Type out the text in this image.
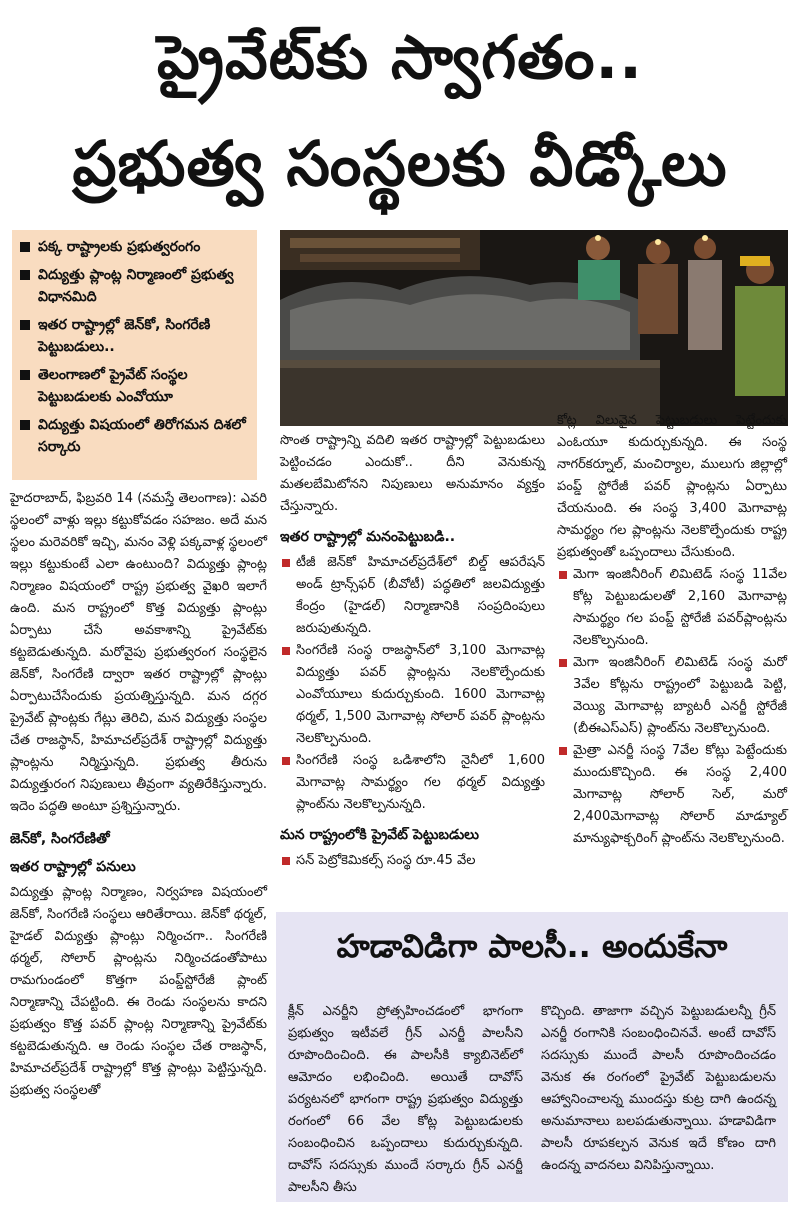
ప్రైవేట్‌కు స్వాగతం..
ప్రభుత్వ సంస్థలకు వీడ్కోలు
పక్క రాష్ట్రాలకు ప్రభుత్వరంగం
విద్యుత్తు ప్లాంట్ల నిర్మాణంలో ప్రభుత్వ విధానమిది
ఇతర రాష్ట్రాల్లో జెన్‌కో, సింగరేణి పెట్టుబడులు..
తెలంగాణలో ప్రైవేట్ సంస్థల పెట్టుబడులకు ఎంవోయూ
విద్యుత్తు విషయంలో తిరోగమన దిశలో సర్కారు

హైదరాబాద్, ఫిబ్రవరి 14 (నమస్తే తెలంగాణ): ఎవరి స్థలంలో వాళ్లు ఇల్లు కట్టుకోవడం సహజం. అదే మన స్థలం మరెవరికో ఇచ్చి, మనం వెళ్లి పక్కవాళ్ల స్థలంలో ఇల్లు కట్టుకుంటే ఎలా ఉంటుంది? విద్యుత్తు ప్లాంట్ల నిర్మాణం విషయంలో రాష్ట్ర ప్రభుత్వ వైఖరి ఇలాగే ఉంది. మన రాష్ట్రంలో కొత్త విద్యుత్తు ప్లాంట్లు ఏర్పాటు చేసే అవకాశాన్ని ప్రైవేట్‌కు కట్టబెడుతున్నది. మరోవైపు ప్రభుత్వరంగ సంస్థలైన జెన్‌కో, సింగరేణి ద్వారా ఇతర రాష్ట్రాల్లో ప్లాంట్లు ఏర్పాటుచేసేందుకు ప్రయత్నిస్తున్నది. మన దగ్గర ప్రైవేట్ ప్లాంట్లకు గేట్లు తెరిచి, మన విద్యుత్తు సంస్థల చేత రాజస్థాన్, హిమాచల్‌ప్రదేశ్ రాష్ట్రాల్లో విద్యుత్తు ప్లాంట్లను నిర్మిస్తున్నది. ప్రభుత్వ తీరును విద్యుత్తురంగ నిపుణులు తీవ్రంగా వ్యతిరేకిస్తున్నారు. ఇదెం పద్ధతి అంటూ ప్రశ్నిస్తున్నారు.

జెన్‌కో, సింగరేణితో
ఇతర రాష్ట్రాల్లో పనులు

విద్యుత్తు ప్లాంట్ల నిర్మాణం, నిర్వహణ విషయంలో జెన్‌కో, సింగరేణి సంస్థలు ఆరితేరాయి. జెన్‌కో థర్మల్, హైడల్ విద్యుత్తు ప్లాంట్లు నిర్మించగా.. సింగరేణి థర్మల్, సోలార్ ప్లాంట్లను నిర్మించడంతోపాటు రామగుండంలో కొత్తగా పంప్డ్‌స్టోరేజీ ప్లాంట్ నిర్మాణాన్ని చేపట్టింది. ఈ రెండు సంస్థలను కాదని ప్రభుత్వం కొత్త పవర్ ప్లాంట్ల నిర్మాణాన్ని ప్రైవేట్‌కు కట్టబెడుతున్నది. ఆ రెండు సంస్థల చేత రాజస్థాన్, హిమాచల్‌ప్రదేశ్ రాష్ట్రాల్లో కొత్త ప్లాంట్లు పెట్టిస్తున్నది. ప్రభుత్వ సంస్థలతో

సొంత రాష్ట్రాన్ని వదిలి ఇతర రాష్ట్రాల్లో పెట్టుబడులు పెట్టించడం ఎందుకో.. దీని వెనుకున్న మతలబేమిటోనని నిపుణులు అనుమానం వ్యక్తం చేస్తున్నారు.

ఇతర రాష్ట్రాల్లో మనంపెట్టుబడి..

టీజీ జెన్‌కో హిమాచల్‌ప్రదేశ్‌లో బిల్డ్ ఆపరేషన్ అండ్ ట్రాన్స్‌ఫర్ (బీవోటీ) పద్ధతిలో జలవిద్యుత్తు కేంద్రం (హైడల్) నిర్మాణానికి సంప్రదింపులు జరుపుతున్నది.

సింగరేణి సంస్థ రాజస్థాన్‌లో 3,100 మెగావాట్ల విద్యుత్తు పవర్ ప్లాంట్లను నెలకొల్పేందుకు ఎంవోయూలు కుదుర్చుకుంది. 1600 మెగావాట్ల థర్మల్, 1,500 మెగావాట్ల సోలార్ పవర్ ప్లాంట్లను నెలకొల్పనుంది.

సింగరేణి సంస్థ ఒడిశాలోని నైనీలో 1,600 మెగావాట్ల సామర్థ్యం గల థర్మల్ విద్యుత్తు ప్లాంట్‌ను నెలకొల్పనున్నది.

మన రాష్ట్రంలోకి ప్రైవేట్ పెట్టుబడులు

సన్ పెట్రోకెమికల్స్ సంస్థ రూ.45 వేల

కోట్ల విలువైన పెట్టుబడులు పెట్టేందుకు ఎంఓయూ కుదుర్చుకున్నది. ఈ సంస్థ నాగర్‌కర్నూల్, మంచిర్యాల, ములుగు జిల్లాల్లో పంప్డ్ స్టోరేజీ పవర్ ప్లాంట్లను ఏర్పాటు చేయనుంది. ఈ సంస్థ 3,400 మెగావాట్ల సామర్థ్యం గల ప్లాంట్లను నెలకొల్పేందుకు రాష్ట్ర ప్రభుత్వంతో ఒప్పందాలు చేసుకుంది.

మెగా ఇంజినీరింగ్ లిమిటెడ్ సంస్థ 11వేల కోట్ల పెట్టుబడులతో 2,160 మెగావాట్ల సామర్థ్యం గల పంప్డ్ స్టోరేజీ పవర్‌ప్లాంట్లను నెలకొల్పనుంది.

మెగా ఇంజినీరింగ్ లిమిటెడ్ సంస్థ మరో 3వేల కోట్లను రాష్ట్రంలో పెట్టుబడి పెట్టి, వెయ్యి మెగావాట్ల బ్యాటరీ ఎనర్జీ స్టోరేజీ (బీఈఎస్ఎస్) ప్లాంట్‌ను నెలకొల్పనుంది.

మైత్రా ఎనర్జీ సంస్థ 7వేల కోట్లు పెట్టేందుకు ముందుకొచ్చింది. ఈ సంస్థ 2,400 మెగావాట్ల సోలార్ సెల్, మరో 2,400మెగావాట్ల సోలార్ మాడ్యూల్ మాన్యుఫాక్చరింగ్ ప్లాంట్‌ను నెలకొల్పనుంది.

హడావిడిగా పాలసీ.. అందుకేనా

క్లీన్ ఎనర్జీని ప్రోత్సహించడంలో భాగంగా ప్రభుత్వం ఇటీవలే గ్రీన్ ఎనర్జీ పాలసీని రూపొందించింది. ఈ పాలసీకి క్యాబినెట్‌లో ఆమోదం లభించింది. అయితే దావోస్ పర్యటనలో భాగంగా రాష్ట్ర ప్రభుత్వం విద్యుత్తు రంగంలో 66 వేల కోట్ల పెట్టుబడులకు సంబంధించిన ఒప్పందాలు కుదుర్చుకున్నది. దావోస్ సదస్సుకు ముందే సర్కారు గ్రీన్ ఎనర్జీ పాలసీని తీసు

కొచ్చింది. తాజాగా వచ్చిన పెట్టుబడులన్నీ గ్రీన్ ఎనర్జీ రంగానికి సంబంధించినవే. అంటే దావోస్ సదస్సుకు ముందే పాలసీ రూపొందించడం వెనుక ఈ రంగంలో ప్రైవేట్ పెట్టుబడులను ఆహ్వానించాలన్న ముందస్తు కుట్ర దాగి ఉందన్న అనుమానాలు బలపడుతున్నాయి. హడావిడిగా పాలసీ రూపకల్పన వెనుక ఇదే కోణం దాగి ఉందన్న వాదనలు వినిపిస్తున్నాయి.
